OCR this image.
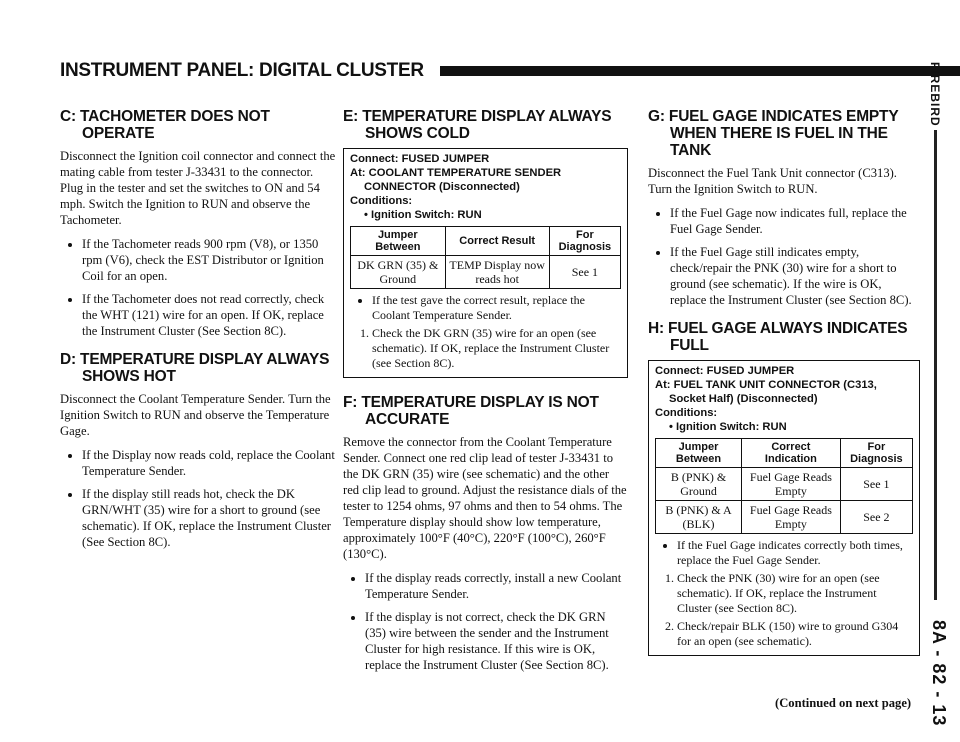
INSTRUMENT PANEL: DIGITAL CLUSTER	FIREBIRD
8A - 82 - 13
C: TACHOMETER DOES NOT
OPERATE

Disconnect the Ignition coil connector and connect the mating cable from tester J-33431 to the connector. Plug in the tester and set the switches to ON and 54 mph. Switch the Ignition to RUN and observe the Tachometer.

• If the Tachometer reads 900 rpm (V8), or 1350 rpm (V6), check the EST Distributor or Ignition Coil for an open.
• If the Tachometer does not read correctly, check the WHT (121) wire for an open. If OK, replace the Instrument Cluster (See Section 8C).
D: TEMPERATURE DISPLAY ALWAYS
SHOWS HOT

Disconnect the Coolant Temperature Sender. Turn the Ignition Switch to RUN and observe the Temperature Gage.

• If the Display now reads cold, replace the Coolant Temperature Sender.
• If the display still reads hot, check the DK GRN/WHT (35) wire for a short to ground (see schematic). If OK, replace the Instrument Cluster (See Section 8C).
E: TEMPERATURE DISPLAY ALWAYS
SHOWS COLD
Connect: FUSED JUMPER
At: COOLANT TEMPERATURE SENDER
CONNECTOR (Disconnected)
Conditions:
• Ignition Switch: RUN
Jumper Between	Correct Result	For Diagnosis
DK GRN (35) & Ground	TEMP Display now reads hot	See 1
• If the test gave the correct result, replace the Coolant Temperature Sender.
1. Check the DK GRN (35) wire for an open (see schematic). If OK, replace the Instrument Cluster (see Section 8C).
F: TEMPERATURE DISPLAY IS NOT
ACCURATE

Remove the connector from the Coolant Temperature Sender. Connect one red clip lead of tester J-33431 to the DK GRN (35) wire (see schematic) and the other red clip lead to ground. Adjust the resistance dials of the tester to 1254 ohms, 97 ohms and then to 54 ohms. The Temperature display should show low temperature, approximately 100°F (40°C), 220°F (100°C), 260°F (130°C).

• If the display reads correctly, install a new Coolant Temperature Sender.
• If the display is not correct, check the DK GRN (35) wire between the sender and the Instrument Cluster for high resistance. If this wire is OK, replace the Instrument Cluster (See Section 8C).
G: FUEL GAGE INDICATES EMPTY
WHEN THERE IS FUEL IN THE
TANK

Disconnect the Fuel Tank Unit connector (C313). Turn the Ignition Switch to RUN.

• If the Fuel Gage now indicates full, replace the Fuel Gage Sender.
• If the Fuel Gage still indicates empty, check/repair the PNK (30) wire for a short to ground (see schematic). If the wire is OK, replace the Instrument Cluster (see Section 8C).
H: FUEL GAGE ALWAYS INDICATES
FULL
Connect: FUSED JUMPER
At: FUEL TANK UNIT CONNECTOR (C313,
Socket Half) (Disconnected)
Conditions:
• Ignition Switch: RUN
Jumper Between	Correct Indication	For Diagnosis
B (PNK) & Ground	Fuel Gage Reads Empty	See 1
B (PNK) & A (BLK)	Fuel Gage Reads Empty	See 2
• If the Fuel Gage indicates correctly both times, replace the Fuel Gage Sender.
1. Check the PNK (30) wire for an open (see schematic). If OK, replace the Instrument Cluster (see Section 8C).
2. Check/repair BLK (150) wire to ground G304 for an open (see schematic).
(Continued on next page)
